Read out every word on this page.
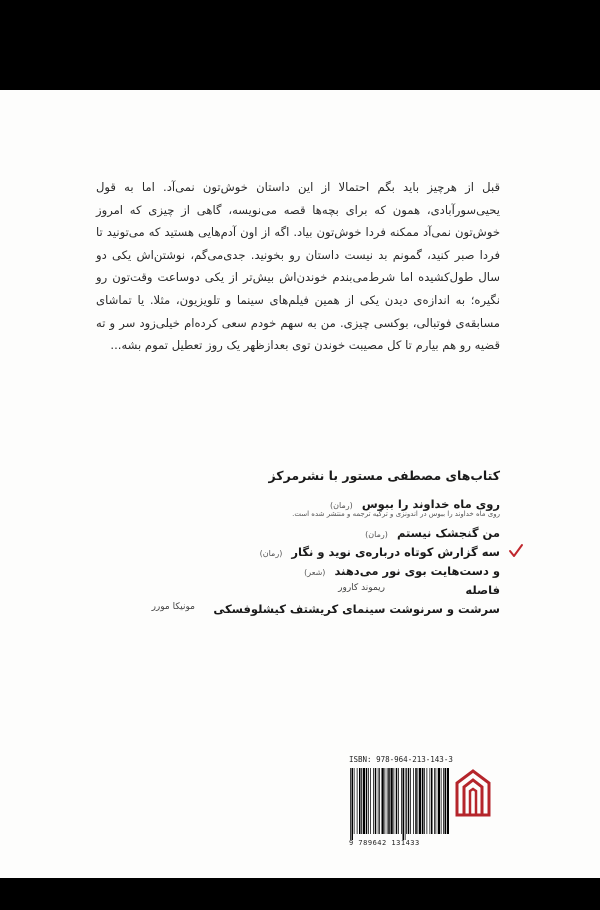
قبل از هرچیز باید بگم احتمالا از این داستان خوش‌تون نمی‌آد. اما به قول یحیی‌سورآبادی، همون که برای بچه‌ها قصه می‌نویسه، گاهی از چیزی که امروز خوش‌تون نمی‌آد ممکنه فردا خوش‌تون بیاد. اگه از اون آدم‌هایی هستید که می‌تونید تا فردا صبر کنید، گمونم بد نیست داستان رو بخونید. جدی‌می‌گم، نوشتن‌اش یکی دو سال طول‌کشیده اما شرط‌می‌بندم خوندن‌اش بیش‌تر از یکی دوساعت وقت‌تون رو نگیره؛ به اندازه‌ی دیدن یکی از همین فیلم‌های سینما و تلویزیون، مثلا. یا تماشای مسابقه‌ی فوتبالی، بوکسی چیزی. من به سهم خودم سعی کرده‌ام خیلی‌زود سر و ته قضیه رو هم بیارم تا کل مصیبت خوندن توی بعدازظهر یک روز تعطیل تموم بشه...

کتاب‌های مصطفی مستور با نشرمرکز
روی ماه خداوند را ببوس (رمان)
روی ماه خداوند را ببوس در اندونزی و ترکیه ترجمه و منتشر شده است.
من گنجشک نیستم (رمان)
سه گزارش کوتاه درباره‌ی نوید و نگار (رمان)
و دست‌هایت بوی نور می‌دهند (شعر)
فاصله
ریموند کارور
سرشت و سرنوشت سینمای کریشتف کیشلوفسکی
مونیکا مورر
ISBN: 978-964-213-143-3
9 789642 131433
